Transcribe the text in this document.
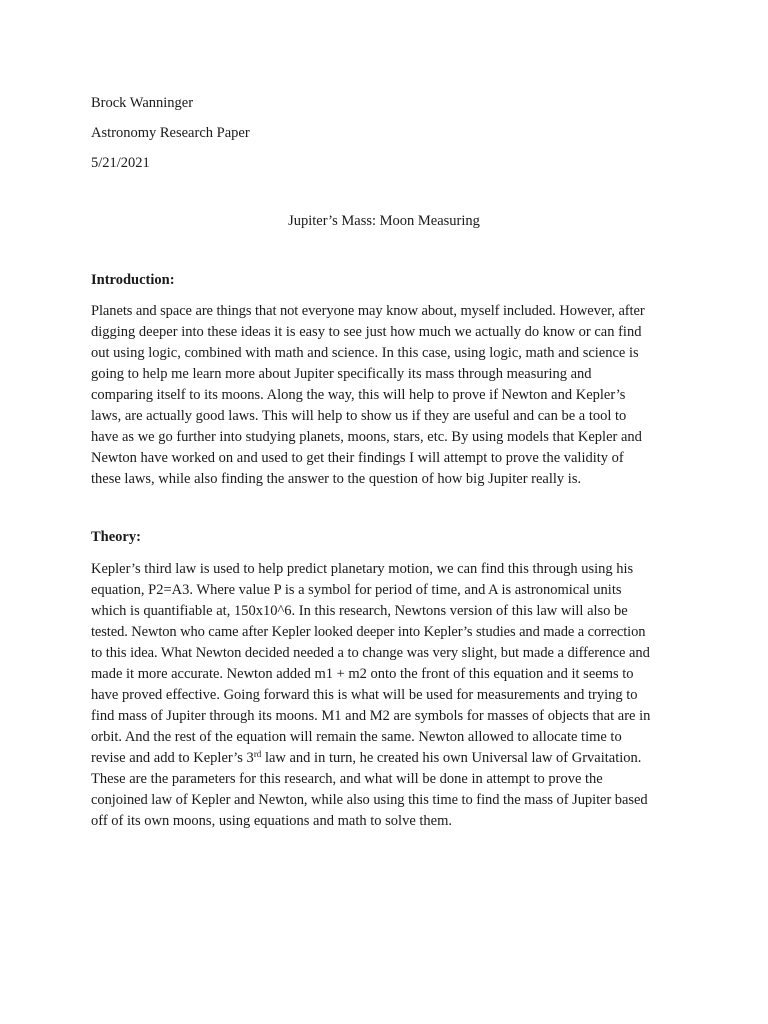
Brock Wanninger
Astronomy Research Paper
5/21/2021
Jupiter’s Mass: Moon Measuring
Introduction:
Planets and space are things that not everyone may know about, myself included. However, after
digging deeper into these ideas it is easy to see just how much we actually do know or can find
out using logic, combined with math and science. In this case, using logic, math and science is
going to help me learn more about Jupiter specifically its mass through measuring and
comparing itself to its moons. Along the way, this will help to prove if Newton and Kepler’s
laws, are actually good laws. This will help to show us if they are useful and can be a tool to
have as we go further into studying planets, moons, stars, etc. By using models that Kepler and
Newton have worked on and used to get their findings I will attempt to prove the validity of
these laws, while also finding the answer to the question of how big Jupiter really is.
Theory:
Kepler’s third law is used to help predict planetary motion, we can find this through using his
equation, P2=A3. Where value P is a symbol for period of time, and A is astronomical units
which is quantifiable at, 150x10^6. In this research, Newtons version of this law will also be
tested. Newton who came after Kepler looked deeper into Kepler’s studies and made a correction
to this idea. What Newton decided needed a to change was very slight, but made a difference and
made it more accurate. Newton added m1 + m2 onto the front of this equation and it seems to
have proved effective. Going forward this is what will be used for measurements and trying to
find mass of Jupiter through its moons. M1 and M2 are symbols for masses of objects that are in
orbit. And the rest of the equation will remain the same. Newton allowed to allocate time to
revise and add to Kepler’s 3rd law and in turn, he created his own Universal law of Grvaitation.
These are the parameters for this research, and what will be done in attempt to prove the
conjoined law of Kepler and Newton, while also using this time to find the mass of Jupiter based
off of its own moons, using equations and math to solve them.
